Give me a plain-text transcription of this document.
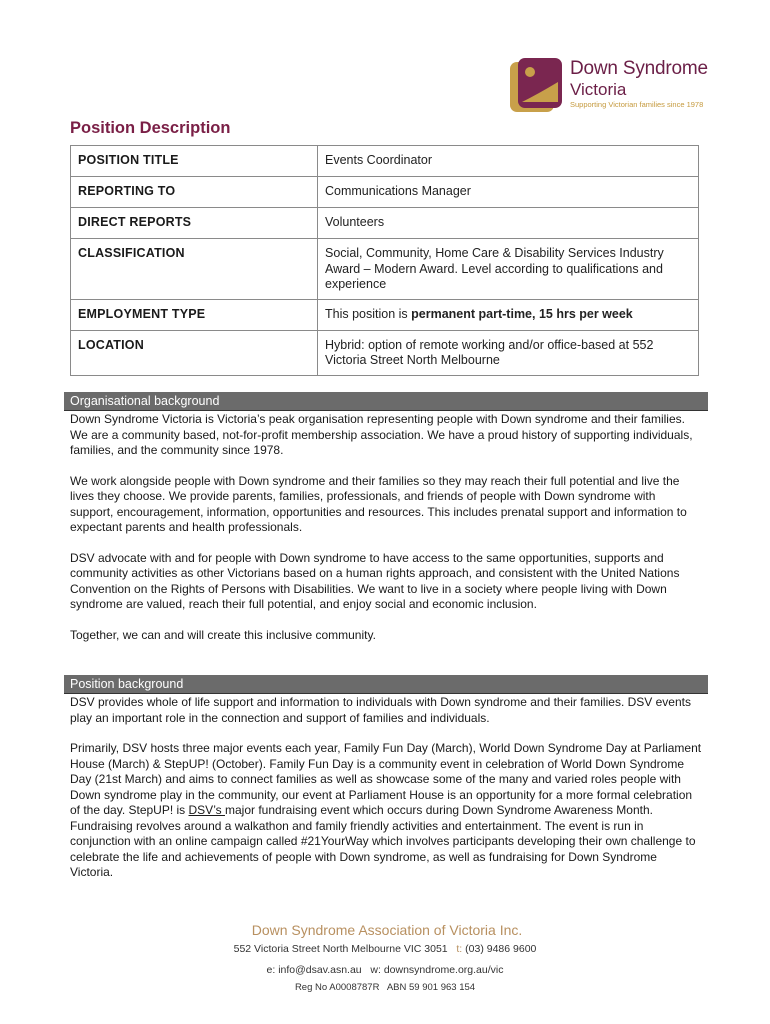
Down Syndrome
Victoria
Supporting Victorian families since 1978
Position Description
POSITION TITLE	Events Coordinator
REPORTING TO	Communications Manager
DIRECT REPORTS	Volunteers
CLASSIFICATION	Social, Community, Home Care & Disability Services Industry Award – Modern Award. Level according to qualifications and experience
EMPLOYMENT TYPE	This position is permanent part-time, 15 hrs per week
LOCATION	Hybrid: option of remote working and/or office-based at 552 Victoria Street North Melbourne
Organisational background

Down Syndrome Victoria is Victoria’s peak organisation representing people with Down syndrome and their families. We are a community based, not-for-profit membership association. We have a proud history of supporting individuals, families, and the community since 1978.

We work alongside people with Down syndrome and their families so they may reach their full potential and live the lives they choose. We provide parents, families, professionals, and friends of people with Down syndrome with support, encouragement, information, opportunities and resources. This includes prenatal support and information to expectant parents and health professionals.

DSV advocate with and for people with Down syndrome to have access to the same opportunities, supports and community activities as other Victorians based on a human rights approach, and consistent with the United Nations Convention on the Rights of Persons with Disabilities. We want to live in a society where people living with Down syndrome are valued, reach their full potential, and enjoy social and economic inclusion.

Together, we can and will create this inclusive community.

Position background

DSV provides whole of life support and information to individuals with Down syndrome and their families. DSV events play an important role in the connection and support of families and individuals.

Primarily, DSV hosts three major events each year, Family Fun Day (March), World Down Syndrome Day at Parliament House (March) & StepUP! (October). Family Fun Day is a community event in celebration of World Down Syndrome Day (21st March) and aims to connect families as well as showcase some of the many and varied roles people with Down syndrome play in the community, our event at Parliament House is an opportunity for a more formal celebration of the day. StepUP! is DSV’s major fundraising event which occurs during Down Syndrome Awareness Month. Fundraising revolves around a walkathon and family friendly activities and entertainment. The event is run in conjunction with an online campaign called #21YourWay which involves participants developing their own challenge to celebrate the life and achievements of people with Down syndrome, as well as fundraising for Down Syndrome Victoria.

Down Syndrome Association of Victoria Inc.
552 Victoria Street North Melbourne VIC 3051 t: (03) 9486 9600
e: info@dsav.asn.au w: downsyndrome.org.au/vic
Reg No A0008787R   ABN 59 901 963 154
